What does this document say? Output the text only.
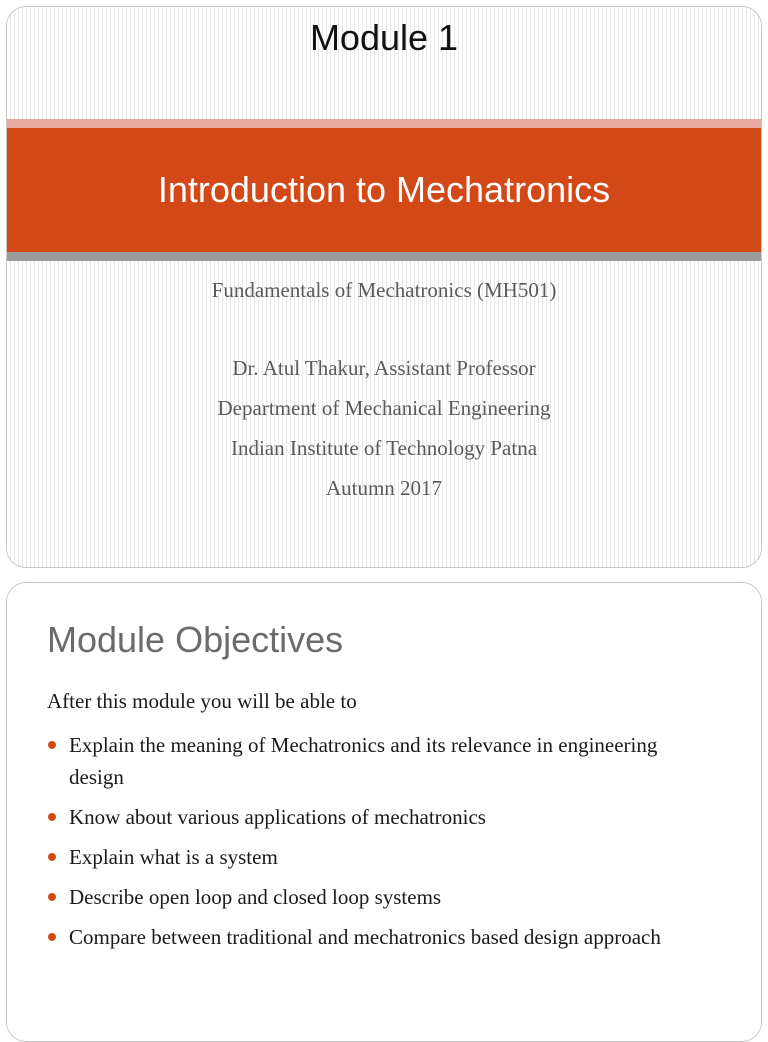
Module 1
Introduction to Mechatronics
Fundamentals of Mechatronics (MH501)
Dr. Atul Thakur, Assistant Professor
Department of Mechanical Engineering
Indian Institute of Technology Patna
Autumn 2017
Module Objectives
After this module you will be able to
Explain the meaning of Mechatronics and its relevance in engineering design
Know about various applications of mechatronics
Explain what is a system
Describe open loop and closed loop systems
Compare between traditional and mechatronics based design approach
